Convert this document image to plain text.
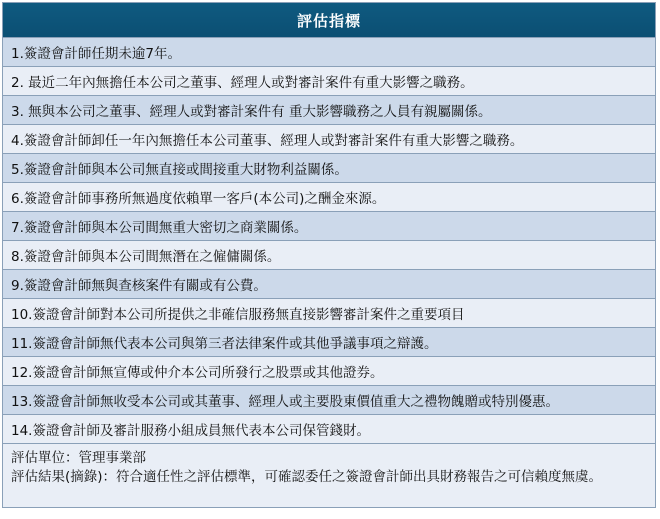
評估指標
1.簽證會計師任期未逾7年。
2. 最近二年內無擔任本公司之董事、經理人或對審計案件有重大影響之職務。
3. 無與本公司之董事、經理人或對審計案件有 重大影響職務之人員有親屬關係。
4.簽證會計師卸任一年內無擔任本公司董事、經理人或對審計案件有重大影響之職務。
5.簽證會計師與本公司無直接或間接重大財物利益關係。
6.簽證會計師事務所無過度依賴單一客戶(本公司)之酬金來源。
7.簽證會計師與本公司間無重大密切之商業關係。
8.簽證會計師與本公司間無潛在之僱傭關係。
9.簽證會計師無與查核案件有關或有公費。
10.簽證會計師對本公司所提供之非確信服務無直接影響審計案件之重要項目
11.簽證會計師無代表本公司與第三者法律案件或其他爭議事項之辯護。
12.簽證會計師無宣傳或仲介本公司所發行之股票或其他證券。
13.簽證會計師無收受本公司或其董事、經理人或主要股東價值重大之禮物餽贈或特別優惠。
14.簽證會計師及審計服務小組成員無代表本公司保管錢財。
評估單位：管理事業部
評估結果(摘錄)：符合適任性之評估標準，可確認委任之簽證會計師出具財務報告之可信賴度無虞。
